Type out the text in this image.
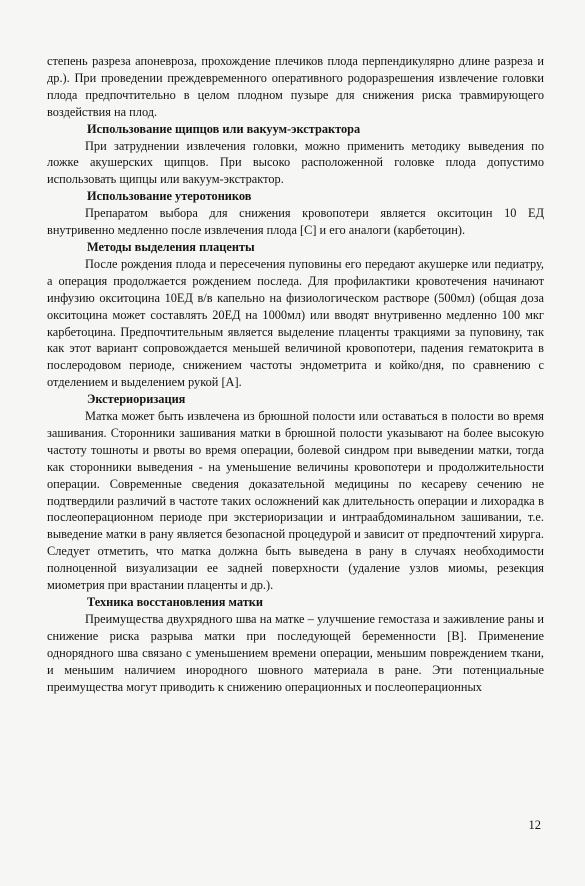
степень разреза апоневроза, прохождение плечиков плода перпендикулярно длине разреза и др.). При проведении преждевременного оперативного родоразрешения извлечение головки плода предпочтительно в целом плодном пузыре для снижения риска травмирующего воздействия на плод.

Использование щипцов или вакуум-экстрактора

При затруднении извлечения головки, можно применить методику выведения по ложке акушерских щипцов. При высоко расположенной головке плода допустимо использовать щипцы или вакуум-экстрактор.

Использование утеротоников

Препаратом выбора для снижения кровопотери является окситоцин 10 ЕД внутривенно медленно после извлечения плода [С] и его аналоги (карбетоцин).

Методы выделения плаценты

После рождения плода и пересечения пуповины его передают акушерке или педиатру, а операция продолжается рождением последа. Для профилактики кровотечения начинают инфузию окситоцина 10ЕД в/в капельно на физиологическом растворе (500мл) (общая доза окситоцина может составлять 20ЕД на 1000мл) или вводят внутривенно медленно 100 мкг карбетоцина. Предпочтительным является выделение плаценты тракциями за пуповину, так как этот вариант сопровождается меньшей величиной кровопотери, падения гематокрита в послеродовом периоде, снижением частоты эндометрита и койко/дня, по сравнению с отделением и выделением рукой [А].

Экстериоризация

Матка может быть извлечена из брюшной полости или оставаться в полости во время зашивания. Сторонники зашивания матки в брюшной полости указывают на более высокую частоту тошноты и рвоты во время операции, болевой синдром при выведении матки, тогда как сторонники выведения - на уменьшение величины кровопотери и продолжительности операции. Современные сведения доказательной медицины по кесареву сечению не подтвердили различий в частоте таких осложнений как длительность операции и лихорадка в послеоперационном периоде при экстериоризации и интраабдоминальном зашивании, т.е. выведение матки в рану является безопасной процедурой и зависит от предпочтений хирурга. Следует отметить, что матка должна быть выведена в рану в случаях необходимости полноценной визуализации ее задней поверхности (удаление узлов миомы, резекция миометрия при врастании плаценты и др.).

Техника восстановления матки

Преимущества двухрядного шва на матке – улучшение гемостаза и заживление раны и снижение риска разрыва матки при последующей беременности [В]. Применение однорядного шва связано с уменьшением времени операции, меньшим повреждением ткани, и меньшим наличием инородного шовного материала в ране. Эти потенциальные преимущества могут приводить к снижению операционных и послеоперационных

12
